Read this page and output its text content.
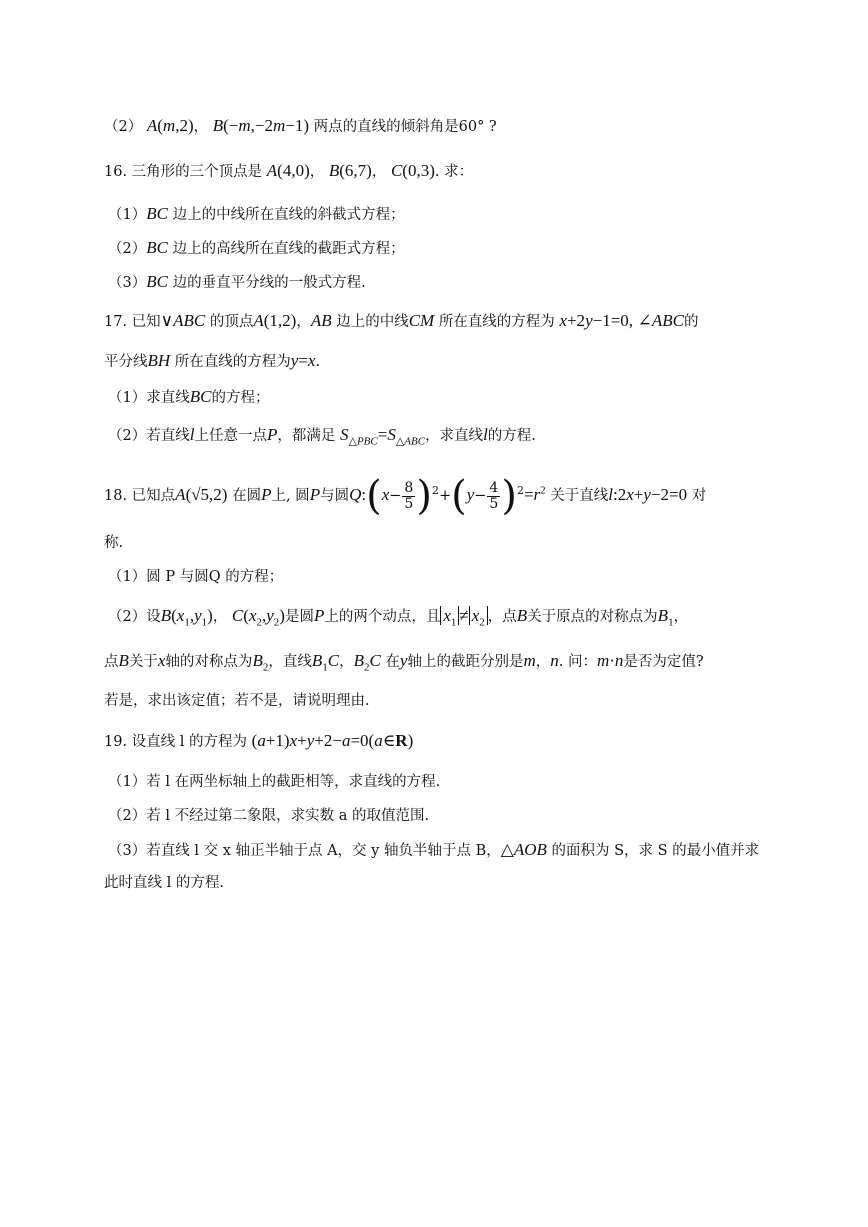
（2） A(m,2)， B(−m,−2m−1) 两点的直线的倾斜角是60° ?
16. 三角形的三个顶点是 A(4,0)， B(6,7)， C(0,3). 求：
（1）BC 边上的中线所在直线的斜截式方程；
（2）BC 边上的高线所在直线的截距式方程；
（3）BC 边的垂直平分线的一般式方程.
17. 已知∨ABC 的顶点A(1,2)，AB 边上的中线CM 所在直线的方程为 x+2y−1=0, ∠ABC的
平分线BH 所在直线的方程为y=x.
（1）求直线BC的方程；
（2）若直线l上任意一点P，都满足 $S_{\triangle PBC}=S_{\triangle ABC}$，求直线l的方程.
18. 已知点A(√5,2) 在圆P上, 圆P与圆Q:(x− $\frac{8}{5} )^2+(y- \frac{4}{5} )^2=r^2$ 关于直线l:2x+y−2=0 对
称.
（1）圆 P 与圆Q 的方程；
（2）设$B(x_1,y_1)$， $C(x_2,y_2)$是圆P上的两个动点，且 $x_1 \ne x_2$ ，点B关于原点的对称点为$B_1$，
点B关于x轴的对称点为$B_2$，直线$B_1C$，$B_2C$ 在y轴上的截距分别是m，n. 问：m·n是否为定值?
若是，求出该定值；若不是，请说明理由.
19. 设直线 l 的方程为 (a+1)x+y+2−a=0(a∈R)
（1）若 l 在两坐标轴上的截距相等，求直线的方程.
（2）若 l 不经过第二象限，求实数 a 的取值范围.
（3）若直线 l 交 x 轴正半轴于点 A，交 y 轴负半轴于点 B，△AOB 的面积为 S，求 S 的最小值并求
此时直线 l 的方程.
